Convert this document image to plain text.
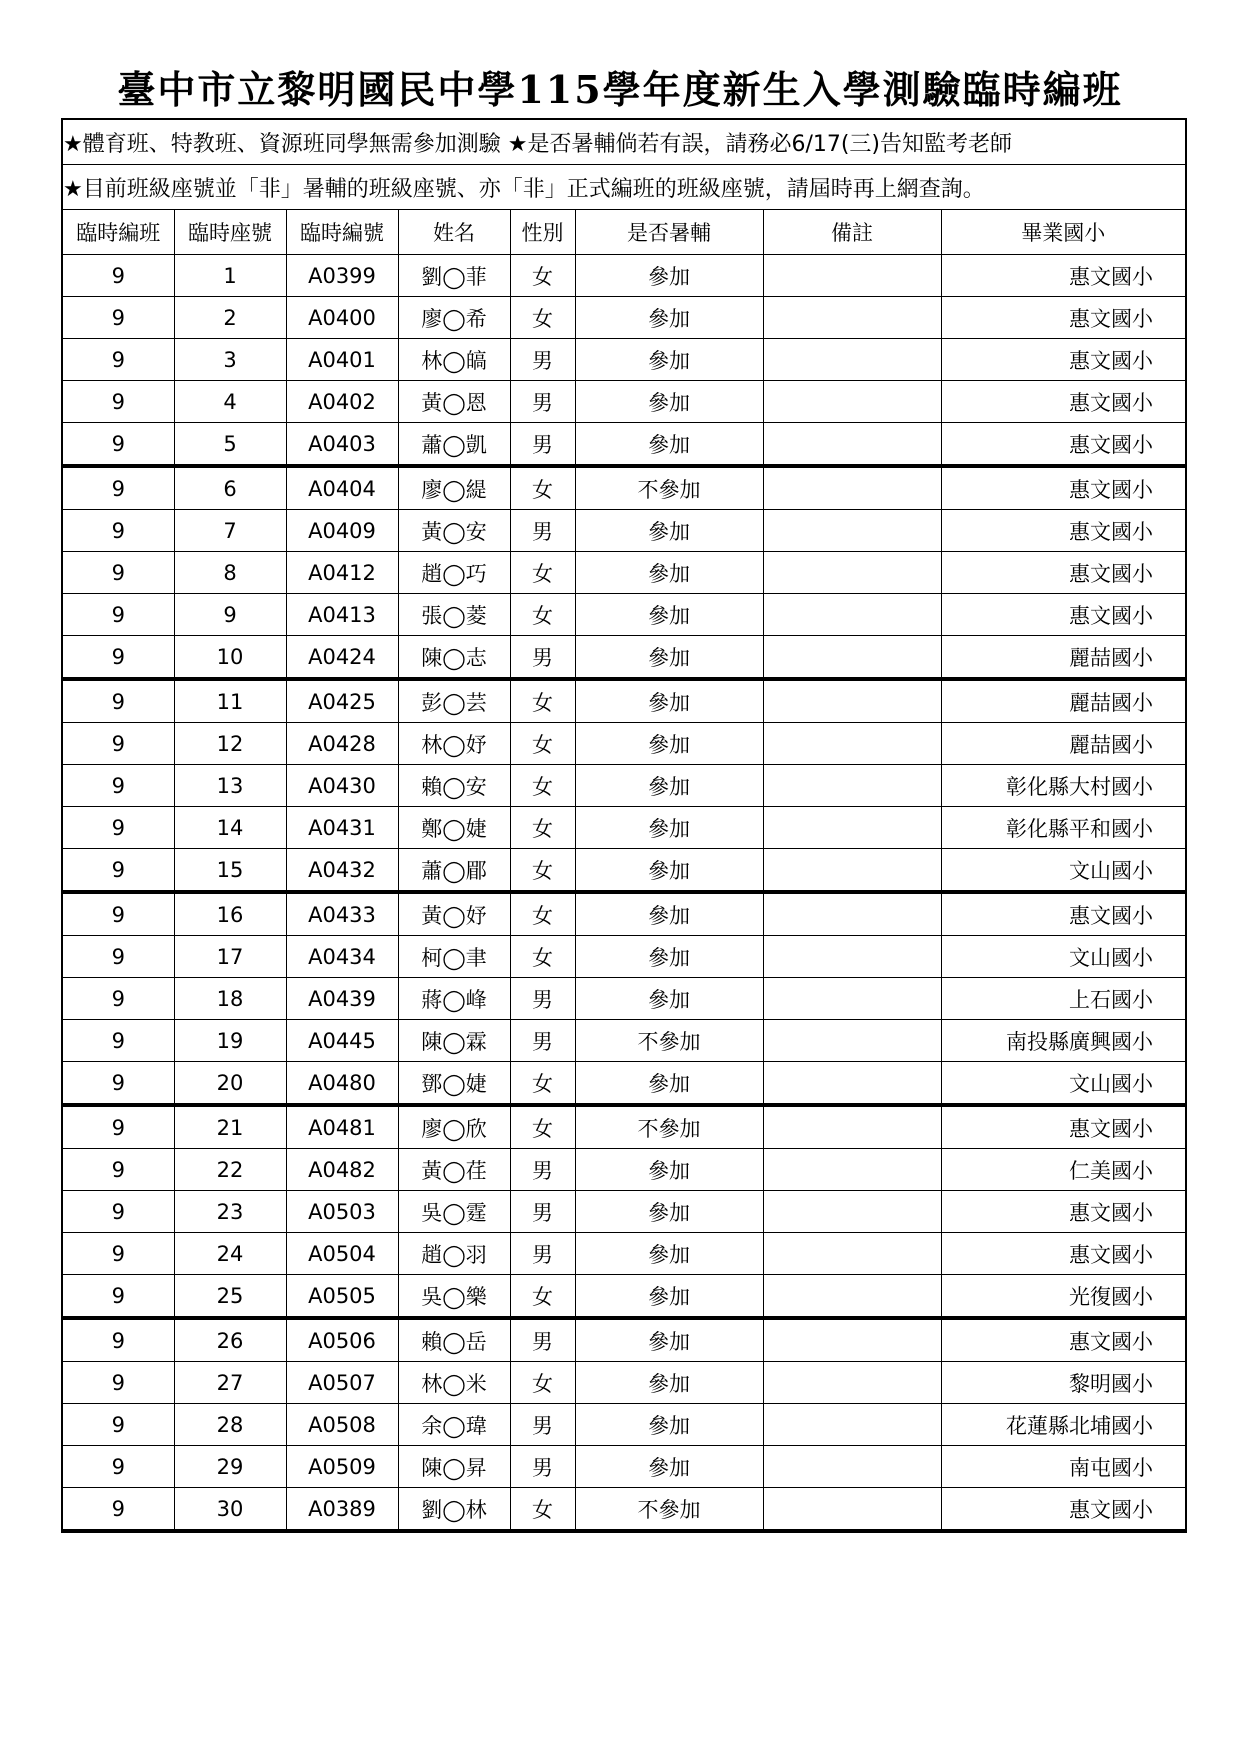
臺中市立黎明國民中學115學年度新生入學測驗臨時編班
★體育班、特教班、資源班同學無需參加測驗 ★是否暑輔倘若有誤，請務必6/17(三)告知監考老師							
★目前班級座號並「非」暑輔的班級座號、亦「非」正式編班的班級座號，請屆時再上網查詢。							
臨時編班	臨時座號	臨時編號	姓名	性別	是否暑輔	備註	畢業國小
9	1	A0399	劉◯菲	女	參加		惠文國小
9	2	A0400	廖◯希	女	參加		惠文國小
9	3	A0401	林◯皜	男	參加		惠文國小
9	4	A0402	黃◯恩	男	參加		惠文國小
9	5	A0403	蕭◯凱	男	參加		惠文國小
9	6	A0404	廖◯緹	女	不參加		惠文國小
9	7	A0409	黃◯安	男	參加		惠文國小
9	8	A0412	趙◯巧	女	參加		惠文國小
9	9	A0413	張◯菱	女	參加		惠文國小
9	10	A0424	陳◯志	男	參加		麗喆國小
9	11	A0425	彭◯芸	女	參加		麗喆國小
9	12	A0428	林◯妤	女	參加		麗喆國小
9	13	A0430	賴◯安	女	參加		彰化縣大村國小
9	14	A0431	鄭◯婕	女	參加		彰化縣平和國小
9	15	A0432	蕭◯郿	女	參加		文山國小
9	16	A0433	黃◯妤	女	參加		惠文國小
9	17	A0434	柯◯聿	女	參加		文山國小
9	18	A0439	蔣◯峰	男	參加		上石國小
9	19	A0445	陳◯霖	男	不參加		南投縣廣興國小
9	20	A0480	鄧◯婕	女	參加		文山國小
9	21	A0481	廖◯欣	女	不參加		惠文國小
9	22	A0482	黃◯荏	男	參加		仁美國小
9	23	A0503	吳◯霆	男	參加		惠文國小
9	24	A0504	趙◯羽	男	參加		惠文國小
9	25	A0505	吳◯樂	女	參加		光復國小
9	26	A0506	賴◯岳	男	參加		惠文國小
9	27	A0507	林◯米	女	參加		黎明國小
9	28	A0508	余◯瑋	男	參加		花蓮縣北埔國小
9	29	A0509	陳◯昇	男	參加		南屯國小
9	30	A0389	劉◯林	女	不參加		惠文國小
